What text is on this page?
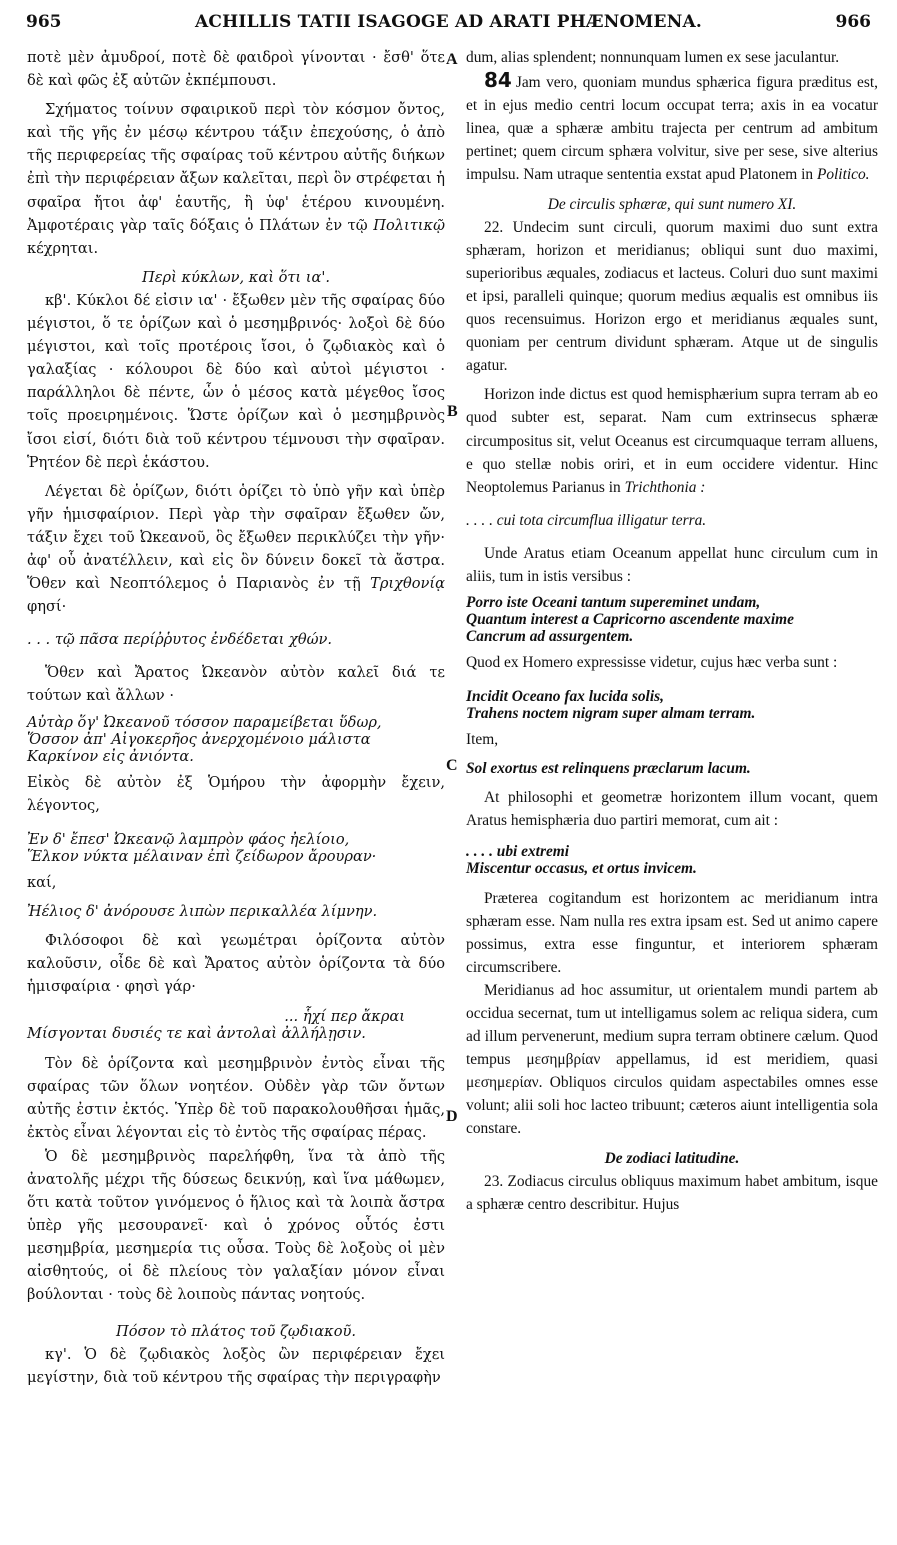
965	ACHILLIS TATII ISAGOGE AD ARATI PHÆNOMENA.	966
A
B
C
D

ποτὲ μὲν ἀμυδροί, ποτὲ δὲ φαιδροὶ γίνονται · ἔσθ' ὅτε δὲ καὶ φῶς ἐξ αὐτῶν ἐκπέμπουσι.

Σχήματος τοίνυν σφαιρικοῦ περὶ τὸν κόσμον ὄντος, καὶ τῆς γῆς ἐν μέσῳ κέντρου τάξιν ἐπεχούσης, ὁ ἀπὸ τῆς περιφερείας τῆς σφαίρας τοῦ κέντρου αὐτῆς διήκων ἐπὶ τὴν περιφέρειαν ἄξων καλεῖται, περὶ ὃν στρέφεται ἡ σφαῖρα ἤτοι ἀφ' ἑαυτῆς, ἢ ὑφ' ἑτέρου κινουμένη. Ἀμφοτέραις γὰρ ταῖς δόξαις ὁ Πλάτων ἐν τῷ Πολιτικῷ κέχρηται.

Περὶ κύκλων, καὶ ὅτι ια'.

κβ'. Κύκλοι δέ εἰσιν ια' · ἔξωθεν μὲν τῆς σφαίρας δύο μέγιστοι, ὅ τε ὁρίζων καὶ ὁ μεσημβρινός· λοξοὶ δὲ δύο μέγιστοι, καὶ τοῖς προτέροις ἴσοι, ὁ ζῳδιακὸς καὶ ὁ γαλαξίας · κόλουροι δὲ δύο καὶ αὐτοὶ μέγιστοι · παράλληλοι δὲ πέντε, ὧν ὁ μέσος κατὰ μέγεθος ἴσος τοῖς προειρημένοις. Ὥστε ὁρίζων καὶ ὁ μεσημβρινὸς ἴσοι εἰσί, διότι διὰ τοῦ κέντρου τέμνουσι τὴν σφαῖραν. Ῥητέον δὲ περὶ ἑκάστου.

Λέγεται δὲ ὁρίζων, διότι ὁρίζει τὸ ὑπὸ γῆν καὶ ὑπὲρ γῆν ἡμισφαίριον. Περὶ γὰρ τὴν σφαῖραν ἔξωθεν ὤν, τάξιν ἔχει τοῦ Ὠκεανοῦ, ὃς ἔξωθεν περικλύζει τὴν γῆν· ἀφ' οὗ ἀνατέλλειν, καὶ εἰς ὃν δύνειν δοκεῖ τὰ ἄστρα. Ὅθεν καὶ Νεοπτόλεμος ὁ Παριανὸς ἐν τῇ Τριχθονίᾳ φησί·

. . . τῷ πᾶσα περίῤῥυτος ἐνδέδεται χθών.

Ὅθεν καὶ Ἄρατος Ὠκεανὸν αὐτὸν καλεῖ διά τε τούτων καὶ ἄλλων ·

Αὐτὰρ ὅγ' Ὠκεανοῦ τόσσον παραμείβεται ὕδωρ,
Ὅσσον ἀπ' Αἰγοκερῆος ἀνερχομένοιο μάλιστα
Καρκίνον εἰς ἀνιόντα.

Εἰκὸς δὲ αὐτὸν ἐξ Ὁμήρου τὴν ἀφορμὴν ἔχειν, λέγοντος,

Ἐν δ' ἔπεσ' Ὠκεανῷ λαμπρὸν φάος ἠελίοιο,
Ἕλκον νύκτα μέλαιναν ἐπὶ ζείδωρον ἄρουραν·

καί,

Ἠέλιος δ' ἀνόρουσε λιπὼν περικαλλέα λίμνην.

Φιλόσοφοι δὲ καὶ γεωμέτραι ὁρίζοντα αὐτὸν καλοῦσιν, οἶδε δὲ καὶ Ἄρατος αὐτὸν ὁρίζοντα τὰ δύο ἡμισφαίρια · φησὶ γάρ·

... ἧχί περ ἄκραι
Μίσγονται δυσιές τε καὶ ἀντολαὶ ἀλλήλῃσιν.

Τὸν δὲ ὁρίζοντα καὶ μεσημβρινὸν ἐντὸς εἶναι τῆς σφαίρας τῶν ὅλων νοητέον. Οὐδὲν γὰρ τῶν ὄντων αὐτῆς ἐστιν ἐκτός. Ὑπὲρ δὲ τοῦ παρακολουθῆσαι ἡμᾶς, ἐκτὸς εἶναι λέγονται εἰς τὸ ἐντὸς τῆς σφαίρας πέρας.

Ὁ δὲ μεσημβρινὸς παρελήφθη, ἵνα τὰ ἀπὸ τῆς ἀνατολῆς μέχρι τῆς δύσεως δεικνύῃ, καὶ ἵνα μάθωμεν, ὅτι κατὰ τοῦτον γινόμενος ὁ ἥλιος καὶ τὰ λοιπὰ ἄστρα ὑπὲρ γῆς μεσουρανεῖ· καὶ ὁ χρόνος οὗτός ἐστι μεσημβρία, μεσημερία τις οὖσα. Τοὺς δὲ λοξοὺς οἱ μὲν αἰσθητούς, οἱ δὲ πλείους τὸν γαλαξίαν μόνον εἶναι βούλονται · τοὺς δὲ λοιποὺς πάντας νοητούς.

Πόσον τὸ πλάτος τοῦ ζῳδιακοῦ.

κγ'. Ὁ δὲ ζῳδιακὸς λοξὸς ὢν περιφέρειαν ἔχει μεγίστην, διὰ τοῦ κέντρου τῆς σφαίρας τὴν περιγραφὴν

dum, alias splendent; nonnunquam lumen ex sese jaculantur.

84 Jam vero, quoniam mundus sphærica figura præditus est, et in ejus medio centri locum occupat terra; axis in ea vocatur linea, quæ a sphæræ ambitu trajecta per centrum ad ambitum pertinet; quem circum sphæra volvitur, sive per sese, sive alterius impulsu. Nam utraque sententia exstat apud Platonem in Politico.

De circulis sphæræ, qui sunt numero XI.

22. Undecim sunt circuli, quorum maximi duo sunt extra sphæram, horizon et meridianus; obliqui sunt duo maximi, superioribus æquales, zodiacus et lacteus. Coluri duo sunt maximi et ipsi, paralleli quinque; quorum medius æqualis est omnibus iis quos recensuimus. Horizon ergo et meridianus æquales sunt, quoniam per centrum dividunt sphæram. Atque ut de singulis agatur.

Horizon inde dictus est quod hemisphærium supra terram ab eo quod subter est, separat. Nam cum extrinsecus sphæræ circumpositus sit, velut Oceanus est circumquaque terram alluens, e quo stellæ nobis oriri, et in eum occidere videntur. Hinc Neoptolemus Parianus in Trichthonia :

. . . . cui tota circumflua illigatur terra.

Unde Aratus etiam Oceanum appellat hunc circulum cum in aliis, tum in istis versibus :

Porro iste Oceani tantum supereminet undam,
Quantum interest a Capricorno ascendente maxime
Cancrum ad assurgentem.

Quod ex Homero expressisse videtur, cujus hæc verba sunt :

Incidit Oceano fax lucida solis,
Trahens noctem nigram super almam terram.

Item,

Sol exortus est relinquens præclarum lacum.

At philosophi et geometræ horizontem illum vocant, quem Aratus hemisphæria duo partiri memorat, cum ait :

. . . . ubi extremi
Miscentur occasus, et ortus invicem.

Præterea cogitandum est horizontem ac meridianum intra sphæram esse. Nam nulla res extra ipsam est. Sed ut animo capere possimus, extra esse finguntur, et interiorem sphæram circumscribere.

Meridianus ad hoc assumitur, ut orientalem mundi partem ab occidua secernat, tum ut intelligamus solem ac reliqua sidera, cum ad illum pervenerunt, medium supra terram obtinere cælum. Quod tempus μεσημβρίαν appellamus, id est meridiem, quasi μεσημερίαν. Obliquos circulos quidam aspectabiles omnes esse volunt; alii soli hoc lacteo tribuunt; cæteros aiunt intelligentia sola constare.

De zodiaci latitudine.

23. Zodiacus circulus obliquus maximum habet ambitum, isque a sphæræ centro describitur. Hujus
